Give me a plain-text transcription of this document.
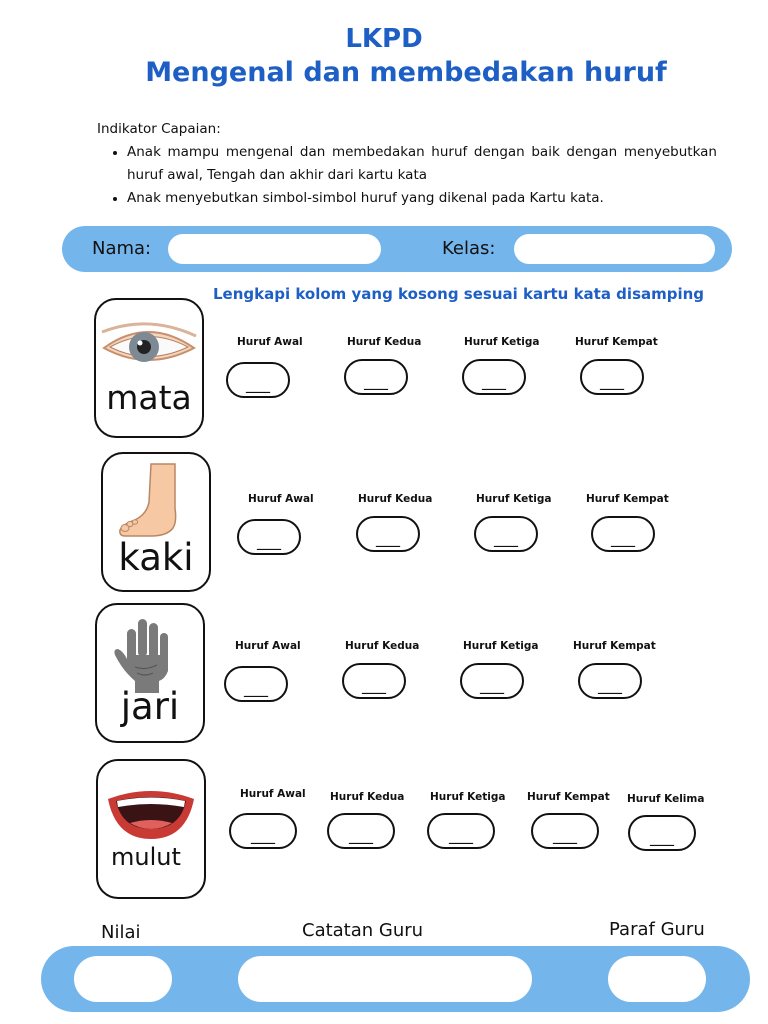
LKPD
Mengenal dan membedakan huruf
Indikator Capaian:
• Anak mampu mengenal dan membedakan huruf dengan baik dengan menyebutkan huruf awal, Tengah dan akhir dari kartu kata
• Anak menyebutkan simbol-simbol huruf yang dikenal pada Kartu kata.
Nama:	Kelas:
Lengkapi kolom yang kosong sesuai kartu kata disamping
mata
Huruf Awal	Huruf Kedua	Huruf Ketiga	Huruf Kempat
___	___	___	___
kaki
Huruf Awal	Huruf Kedua	Huruf Ketiga	Huruf Kempat
___	___	___	___
jari
Huruf Awal	Huruf Kedua	Huruf Ketiga	Huruf Kempat
___	___	___	___
mulut
Huruf Awal Huruf Kedua Huruf Ketiga Huruf Kempat Huruf Kelima
___	___	___	___	___
Nilai	Catatan Guru	Paraf Guru
